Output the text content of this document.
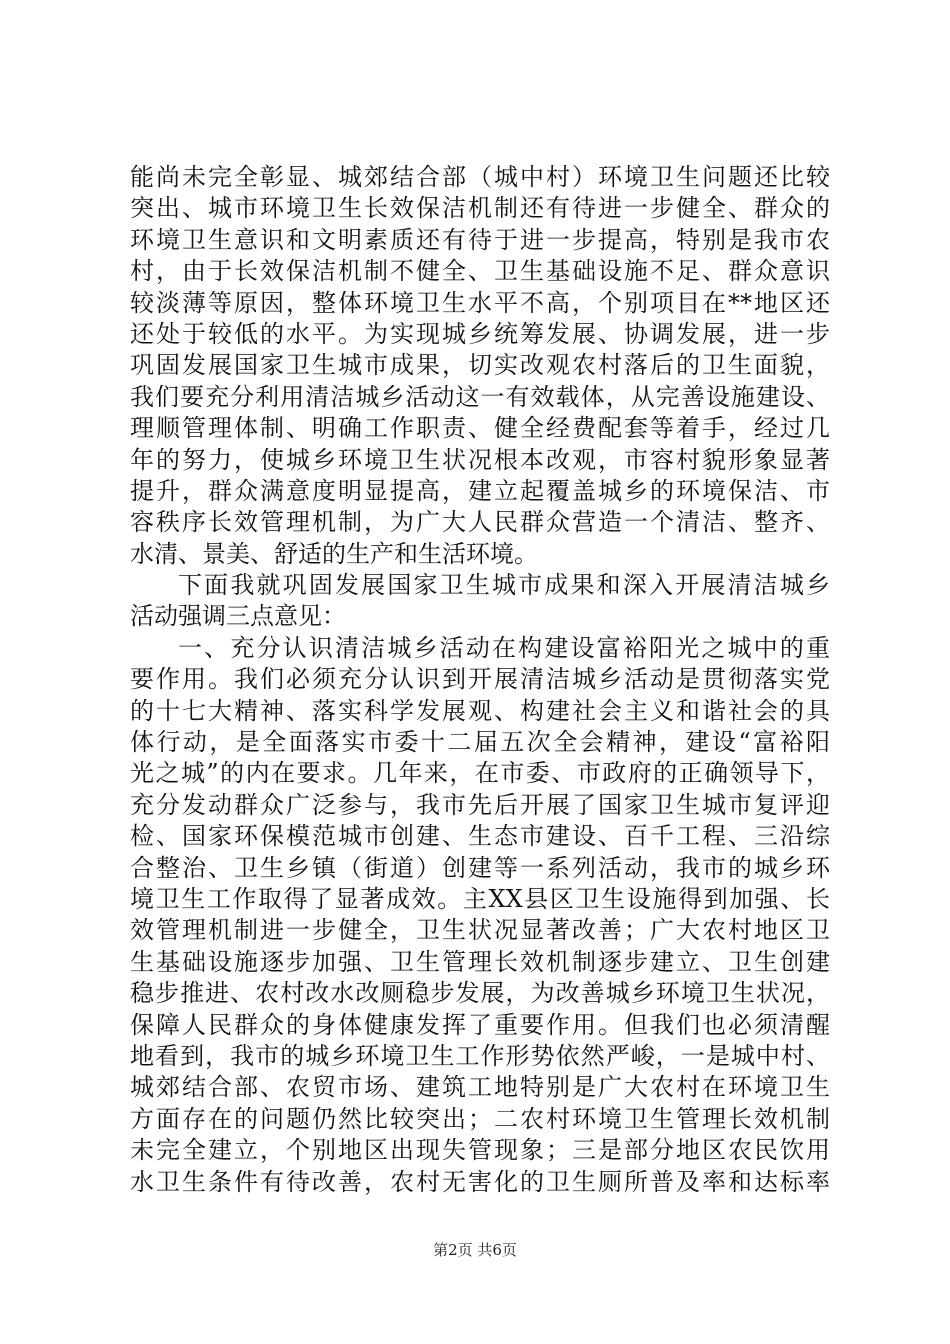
能尚未完全彰显、城郊结合部（城中村）环境卫生问题还比较
突出、城市环境卫生长效保洁机制还有待进一步健全、群众的
环境卫生意识和文明素质还有待于进一步提高，特别是我市农
村，由于长效保洁机制不健全、卫生基础设施不足、群众意识
较淡薄等原因，整体环境卫生水平不高，个别项目在**地区还
还处于较低的水平。为实现城乡统筹发展、协调发展，进一步
巩固发展国家卫生城市成果，切实改观农村落后的卫生面貌，
我们要充分利用清洁城乡活动这一有效载体，从完善设施建设、
理顺管理体制、明确工作职责、健全经费配套等着手，经过几
年的努力，使城乡环境卫生状况根本改观，市容村貌形象显著
提升，群众满意度明显提高，建立起覆盖城乡的环境保洁、市
容秩序长效管理机制，为广大人民群众营造一个清洁、整齐、
水清、景美、舒适的生产和生活环境。
下面我就巩固发展国家卫生城市成果和深入开展清洁城乡
活动强调三点意见：
一、充分认识清洁城乡活动在构建设富裕阳光之城中的重
要作用。我们必须充分认识到开展清洁城乡活动是贯彻落实党
的十七大精神、落实科学发展观、构建社会主义和谐社会的具
体行动，是全面落实市委十二届五次全会精神，建设“富裕阳
光之城”的内在要求。几年来，在市委、市政府的正确领导下，
充分发动群众广泛参与，我市先后开展了国家卫生城市复评迎
检、国家环保模范城市创建、生态市建设、百千工程、三沿综
合整治、卫生乡镇（街道）创建等一系列活动，我市的城乡环
境卫生工作取得了显著成效。主XX县区卫生设施得到加强、长
效管理机制进一步健全，卫生状况显著改善；广大农村地区卫
生基础设施逐步加强、卫生管理长效机制逐步建立、卫生创建
稳步推进、农村改水改厕稳步发展，为改善城乡环境卫生状况，
保障人民群众的身体健康发挥了重要作用。但我们也必须清醒
地看到，我市的城乡环境卫生工作形势依然严峻，一是城中村、
城郊结合部、农贸市场、建筑工地特别是广大农村在环境卫生
方面存在的问题仍然比较突出；二农村环境卫生管理长效机制
未完全建立，个别地区出现失管现象；三是部分地区农民饮用
水卫生条件有待改善，农村无害化的卫生厕所普及率和达标率
第2页 共6页
